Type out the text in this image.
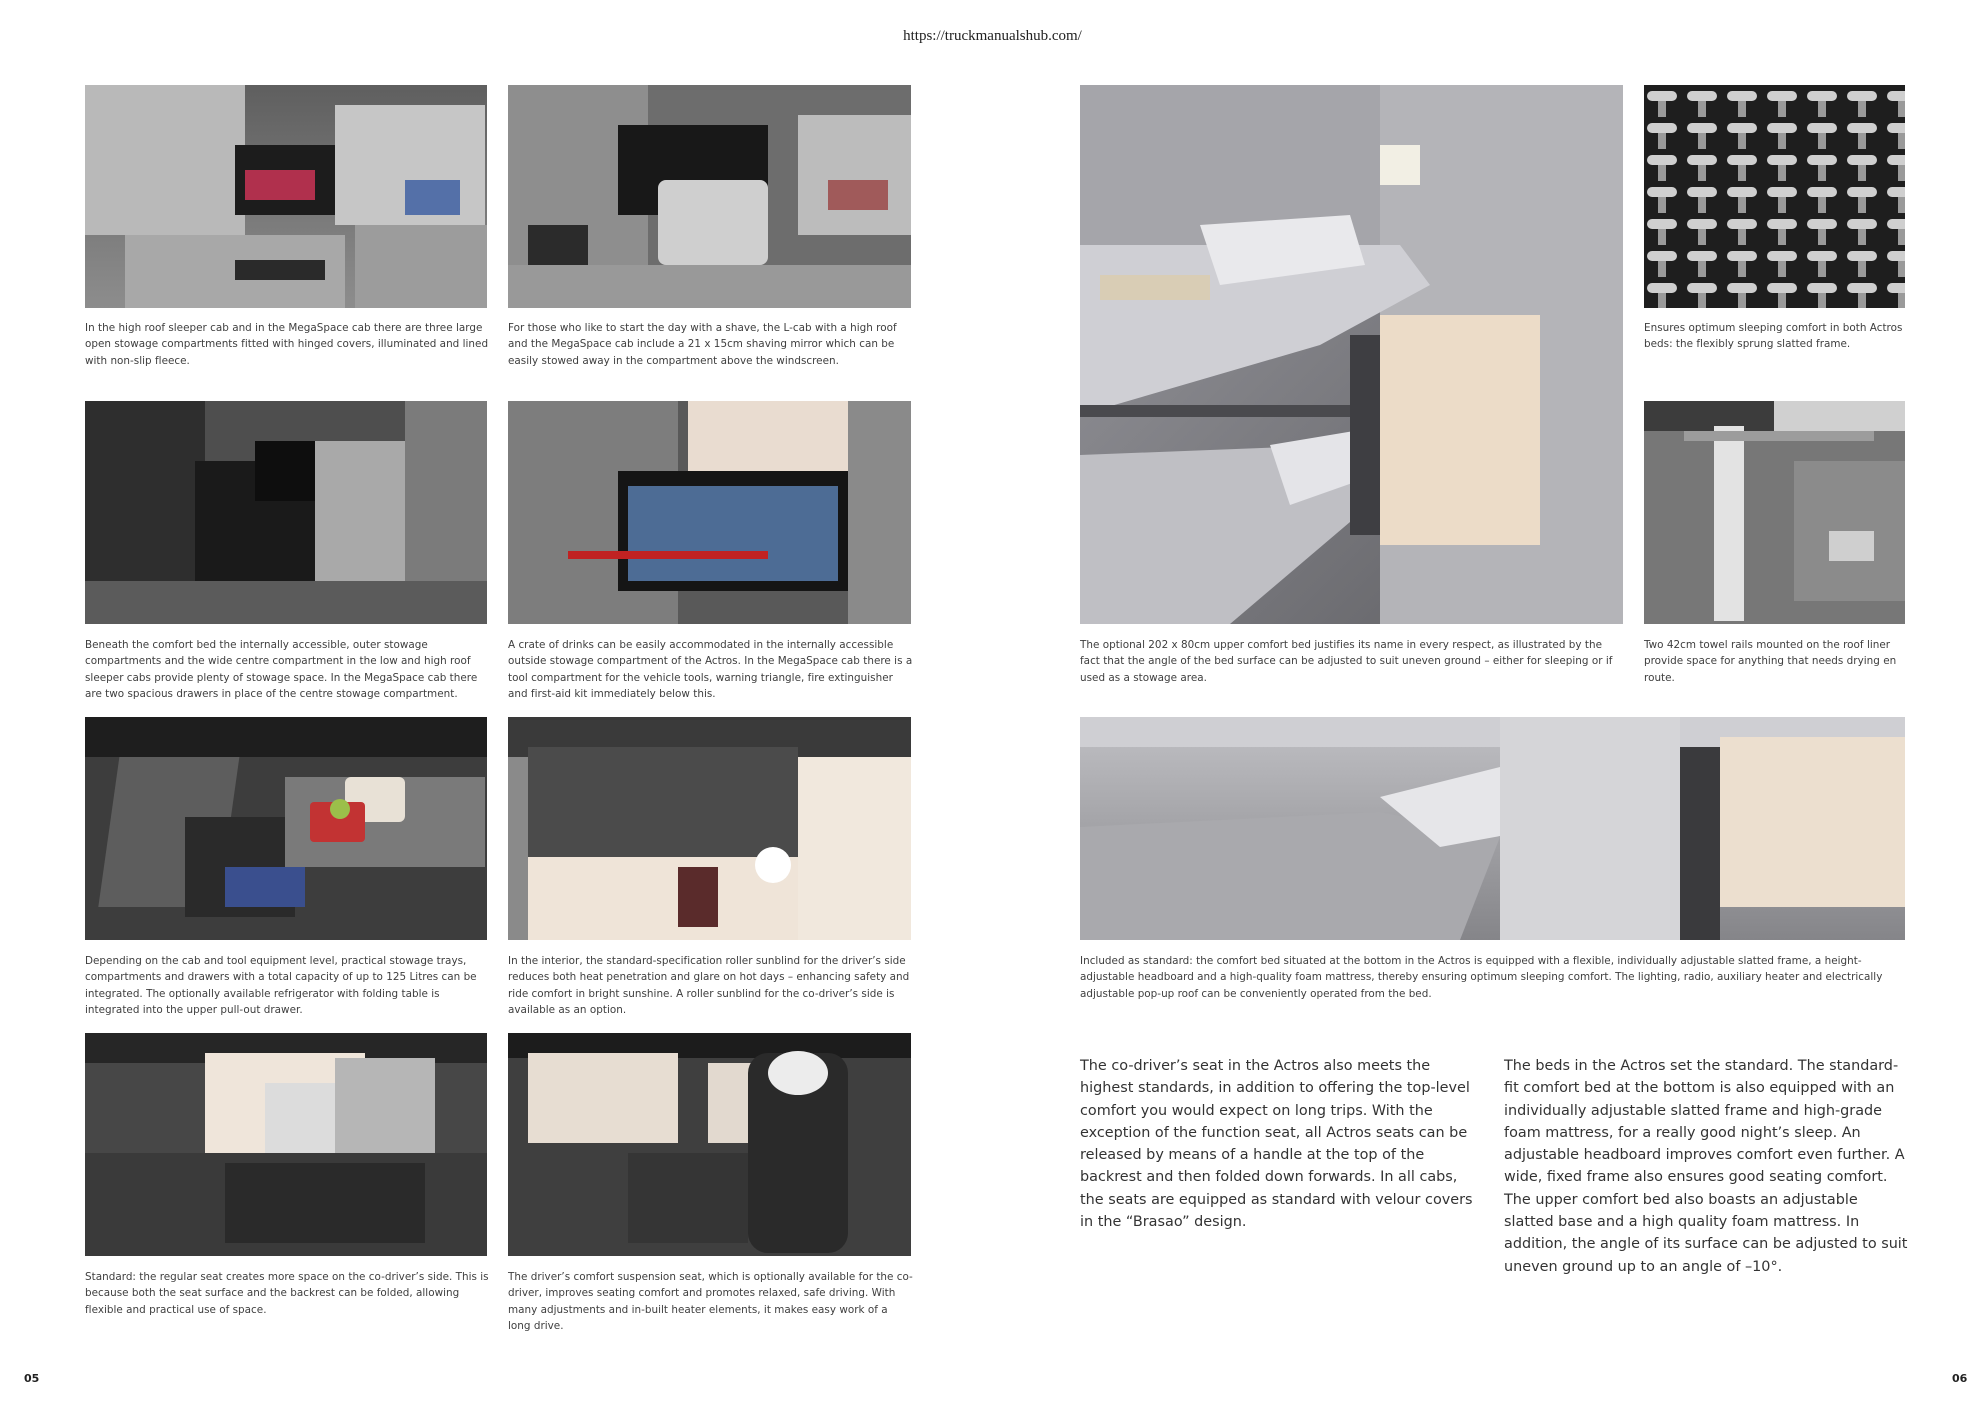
https://truckmanualshub.com/
In the high roof sleeper cab and in the MegaSpace cab there are three large open stowage compartments fitted with hinged covers, illuminated and lined with non-slip fleece.
For those who like to start the day with a shave, the L-cab with a high roof and the MegaSpace cab include a 21 x 15cm shaving mirror which can be easily stowed away in the compartment above the windscreen.
Beneath the comfort bed the internally accessible, outer stowage compartments and the wide centre compartment in the low and high roof sleeper cabs provide plenty of stowage space. In the MegaSpace cab there are two spacious drawers in place of the centre stowage compartment.
A crate of drinks can be easily accommodated in the internally accessible outside stowage compartment of the Actros. In the MegaSpace cab there is a tool compartment for the vehicle tools, warning triangle, fire extinguisher and first-aid kit immediately below this.
Depending on the cab and tool equipment level, practical stowage trays, compartments and drawers with a total capacity of up to 125 Litres can be integrated. The optionally available refrigerator with folding table is integrated into the upper pull-out drawer.
In the interior, the standard-specification roller sunblind for the driver’s side reduces both heat penetration and glare on hot days – enhancing safety and ride comfort in bright sunshine. A roller sunblind for the co-driver’s side is available as an option.
Standard: the regular seat creates more space on the co-driver’s side. This is because both the seat surface and the backrest can be folded, allowing flexible and practical use of space.
The driver’s comfort suspension seat, which is optionally available for the co-driver, improves seating comfort and promotes relaxed, safe driving. With many adjustments and in-built heater elements, it makes easy work of a long drive.
Ensures optimum sleeping comfort in both Actros beds: the flexibly sprung slatted frame.
The optional 202 x 80cm upper comfort bed justifies its name in every respect, as illustrated by the fact that the angle of the bed surface can be adjusted to suit uneven ground – either for sleeping or if used as a stowage area.
Two 42cm towel rails mounted on the roof liner provide space for anything that needs drying en route.
Included as standard: the comfort bed situated at the bottom in the Actros is equipped with a flexible, individually adjustable slatted frame, a height-adjustable headboard and a high-quality foam mattress, thereby ensuring optimum sleeping comfort. The lighting, radio, auxiliary heater and electrically adjustable pop-up roof can be conveniently operated from the bed.
The co-driver’s seat in the Actros also meets the highest standards, in addition to offering the top-level comfort you would expect on long trips. With the exception of the function seat, all Actros seats can be released by means of a handle at the top of the backrest and then folded down forwards. In all cabs, the seats are equipped as standard with velour covers in the “Brasao” design.
The beds in the Actros set the standard. The standard-fit comfort bed at the bottom is also equipped with an individually adjustable slatted frame and high-grade foam mattress, for a really good night’s sleep. An adjustable headboard improves comfort even further. A wide, fixed frame also ensures good seating comfort. The upper comfort bed also boasts an adjustable slatted base and a high quality foam mattress. In addition, the angle of its surface can be adjusted to suit uneven ground up to an angle of –10°.
05	06
